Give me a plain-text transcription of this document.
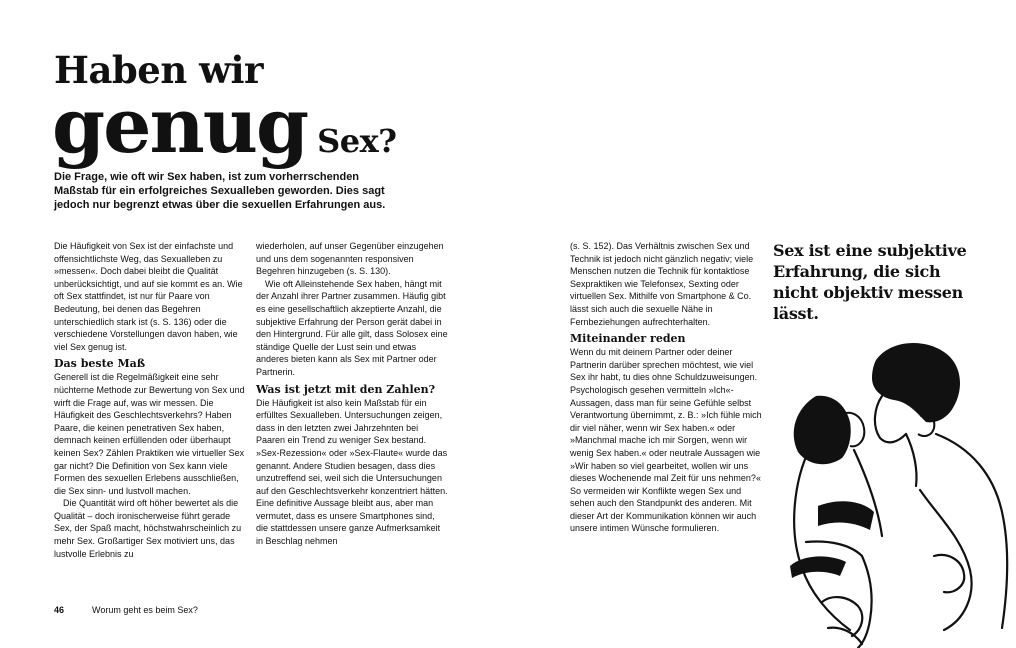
Haben wir
genug Sex?

Die Frage, wie oft wir Sex haben, ist zum vorherrschenden Maßstab für ein erfolgreiches Sexualleben geworden. Dies sagt jedoch nur begrenzt etwas über die sexuellen Erfahrungen aus.

Die Häufigkeit von Sex ist der einfachste und offensichtlichste Weg, das Sexualleben zu »messen«. Doch dabei bleibt die Qualität unberücksichtigt, und auf sie kommt es an. Wie oft Sex stattfindet, ist nur für Paare von Bedeutung, bei denen das Begehren unterschiedlich stark ist (s. S. 136) oder die verschiedene Vorstellungen davon haben, wie viel Sex genug ist.

Das beste Maß

Generell ist die Regelmäßigkeit eine sehr nüchterne Methode zur Bewertung von Sex und wirft die Frage auf, was wir messen. Die Häufigkeit des Geschlechtsverkehrs? Haben Paare, die keinen penetrativen Sex haben, demnach keinen erfüllenden oder überhaupt keinen Sex? Zählen Praktiken wie virtueller Sex gar nicht? Die Definition von Sex kann viele Formen des sexuellen Erlebens ausschließen, die Sex sinn- und lustvoll machen.

Die Quantität wird oft höher bewertet als die Qualität – doch ironischerweise führt gerade Sex, der Spaß macht, höchstwahrscheinlich zu mehr Sex. Großartiger Sex motiviert uns, das lustvolle Erlebnis zu

wiederholen, auf unser Gegenüber einzugehen und uns dem sogenannten responsiven Begehren hinzugeben (s. S. 130).

Wie oft Alleinstehende Sex haben, hängt mit der Anzahl ihrer Partner zusammen. Häufig gibt es eine gesellschaftlich akzeptierte Anzahl, die subjektive Erfahrung der Person gerät dabei in den Hintergrund. Für alle gilt, dass Solosex eine ständige Quelle der Lust sein und etwas anderes bieten kann als Sex mit Partner oder Partnerin.

Was ist jetzt mit den Zahlen?

Die Häufigkeit ist also kein Maßstab für ein erfülltes Sexualleben. Untersuchungen zeigen, dass in den letzten zwei Jahrzehnten bei Paaren ein Trend zu weniger Sex bestand. »Sex-Rezession« oder »Sex-Flaute« wurde das genannt. Andere Studien besagen, dass dies unzutreffend sei, weil sich die Untersuchungen auf den Geschlechtsverkehr konzentriert hätten. Eine definitive Aussage bleibt aus, aber man vermutet, dass es unsere Smartphones sind, die stattdessen unsere ganze Aufmerksamkeit in Beschlag nehmen

(s. S. 152). Das Verhältnis zwischen Sex und Technik ist jedoch nicht gänzlich negativ; viele Menschen nutzen die Technik für kontaktlose Sexpraktiken wie Telefonsex, Sexting oder virtuellen Sex. Mithilfe von Smartphone & Co. lässt sich auch die sexuelle Nähe in Fernbeziehungen aufrechterhalten.

Miteinander reden

Wenn du mit deinem Partner oder deiner Partnerin darüber sprechen möchtest, wie viel Sex ihr habt, tu dies ohne Schuldzuweisungen. Psychologisch gesehen vermitteln »Ich«-Aussagen, dass man für seine Gefühle selbst Verantwortung übernimmt, z. B.: »Ich fühle mich dir viel näher, wenn wir Sex haben.« oder »Manchmal mache ich mir Sorgen, wenn wir wenig Sex haben.« oder neutrale Aussagen wie »Wir haben so viel gearbeitet, wollen wir uns dieses Wochenende mal Zeit für uns nehmen?« So vermeiden wir Konflikte wegen Sex und sehen auch den Standpunkt des anderen. Mit dieser Art der Kommunikation können wir auch unsere intimen Wünsche formulieren.

Sex ist eine subjektive Erfahrung, die sich nicht objektiv messen lässt.

46	Worum geht es beim Sex?
